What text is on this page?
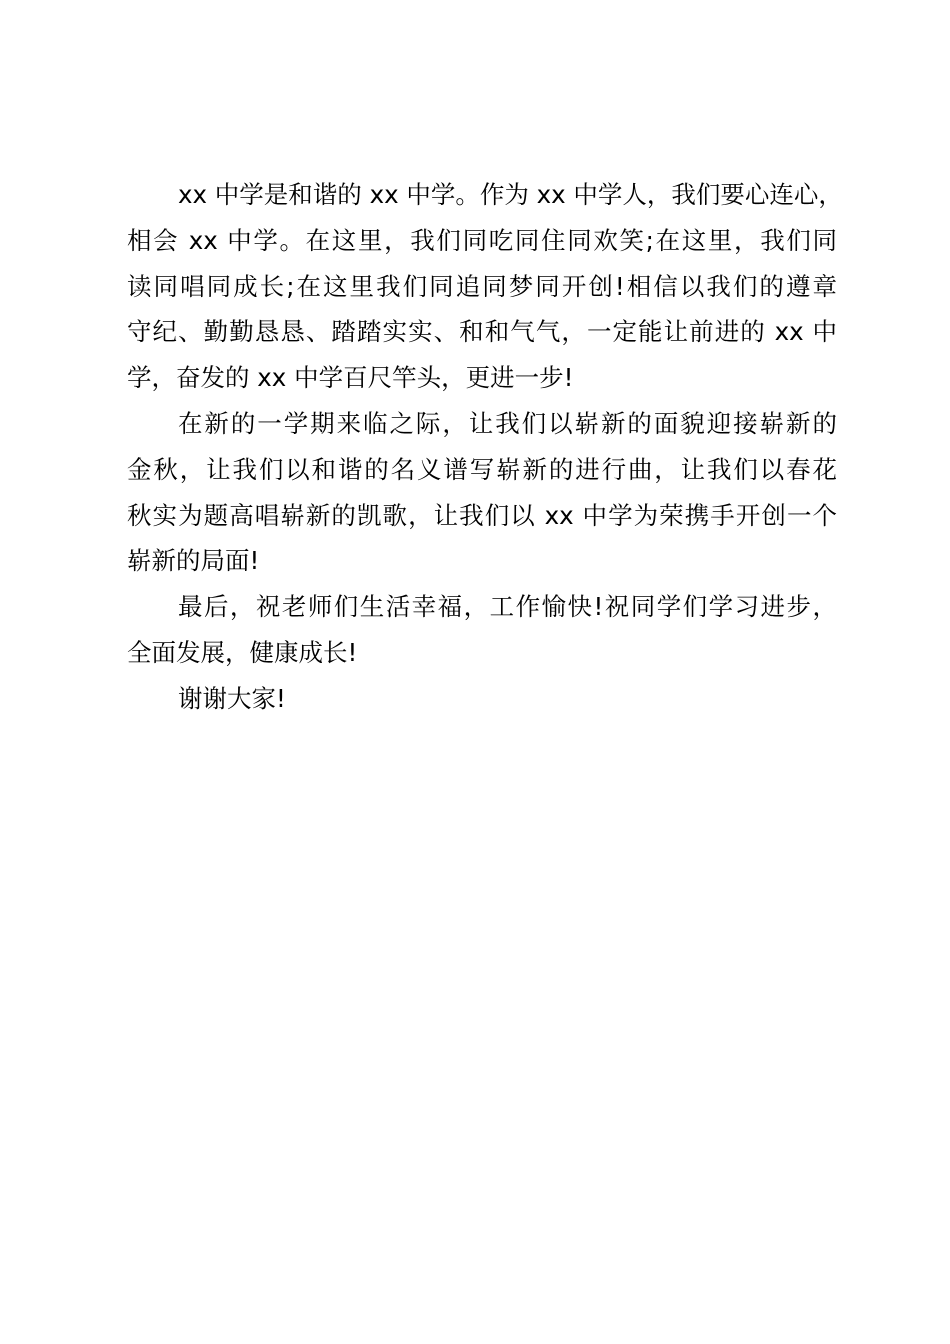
xx 中学是和谐的 xx 中学。作为 xx 中学人，我们要心连心，
相会 xx 中学。在这里，我们同吃同住同欢笑;在这里，我们同
读同唱同成长;在这里我们同追同梦同开创!相信以我们的遵章
守纪、勤勤恳恳、踏踏实实、和和气气，一定能让前进的 xx 中
学，奋发的 xx 中学百尺竿头，更进一步!
在新的一学期来临之际，让我们以崭新的面貌迎接崭新的
金秋，让我们以和谐的名义谱写崭新的进行曲，让我们以春花
秋实为题高唱崭新的凯歌，让我们以 xx 中学为荣携手开创一个
崭新的局面!
最后，祝老师们生活幸福，工作愉快!祝同学们学习进步，
全面发展，健康成长!
谢谢大家!
